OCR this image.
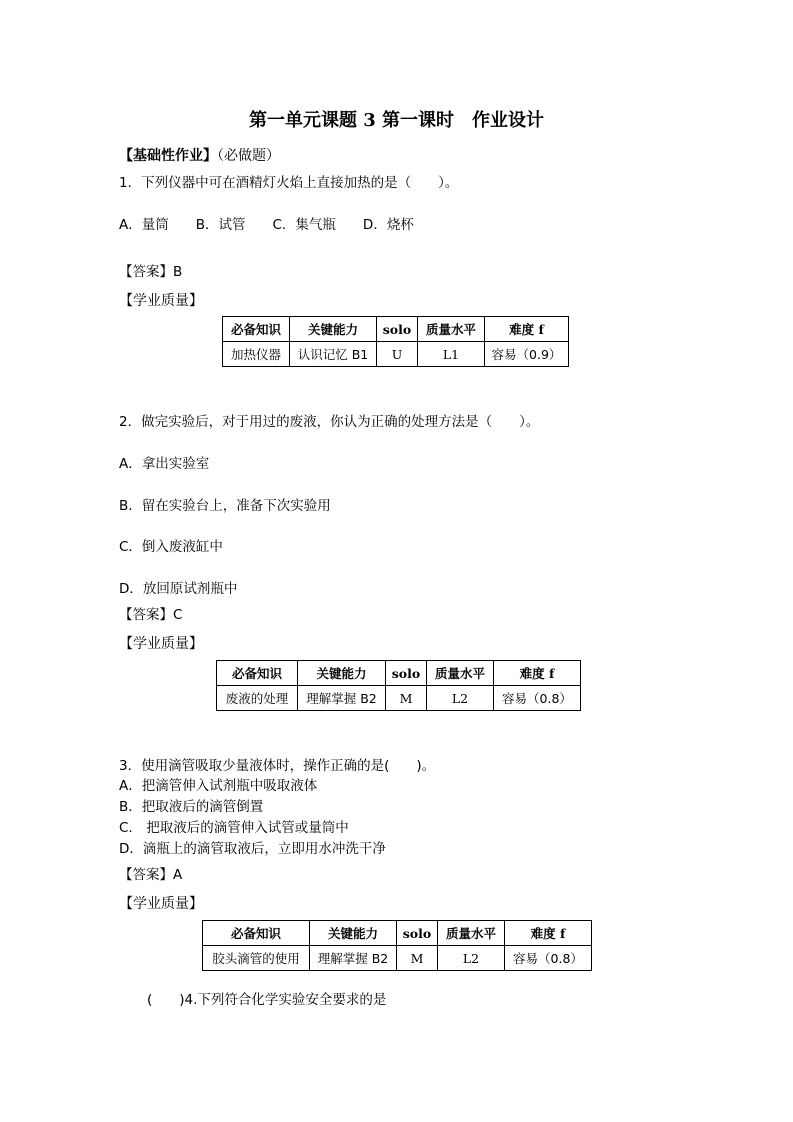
第一单元课题 3 第一课时　作业设计
【基础性作业】（必做题）
1．下列仪器中可在酒精灯火焰上直接加热的是（　　）。
A．量筒　　B．试管　　C．集气瓶　　D．烧杯
【答案】B
【学业质量】
必备知识	关键能力	solo	质量水平	难度 f
加热仪器	认识记忆 B1	U	L1	容易（0.9）
2．做完实验后，对于用过的废液，你认为正确的处理方法是（　　）。
A．拿出实验室
B．留在实验台上，准备下次实验用
C．倒入废液缸中
D．放回原试剂瓶中
【答案】C
【学业质量】
必备知识	关键能力	solo	质量水平	难度 f
废液的处理	理解掌握 B2	M	L2	容易（0.8）
3．使用滴管吸取少量液体时，操作正确的是(　　)。
A．把滴管伸入试剂瓶中吸取液体
B．把取液后的滴管倒置
C.　把取液后的滴管伸入试管或量筒中
D．滴瓶上的滴管取液后，立即用水冲洗干净
【答案】A
【学业质量】
必备知识	关键能力	solo	质量水平	难度 f
胶头滴管的使用	理解掌握 B2	M	L2	容易（0.8）
(　　)4.下列符合化学实验安全要求的是
